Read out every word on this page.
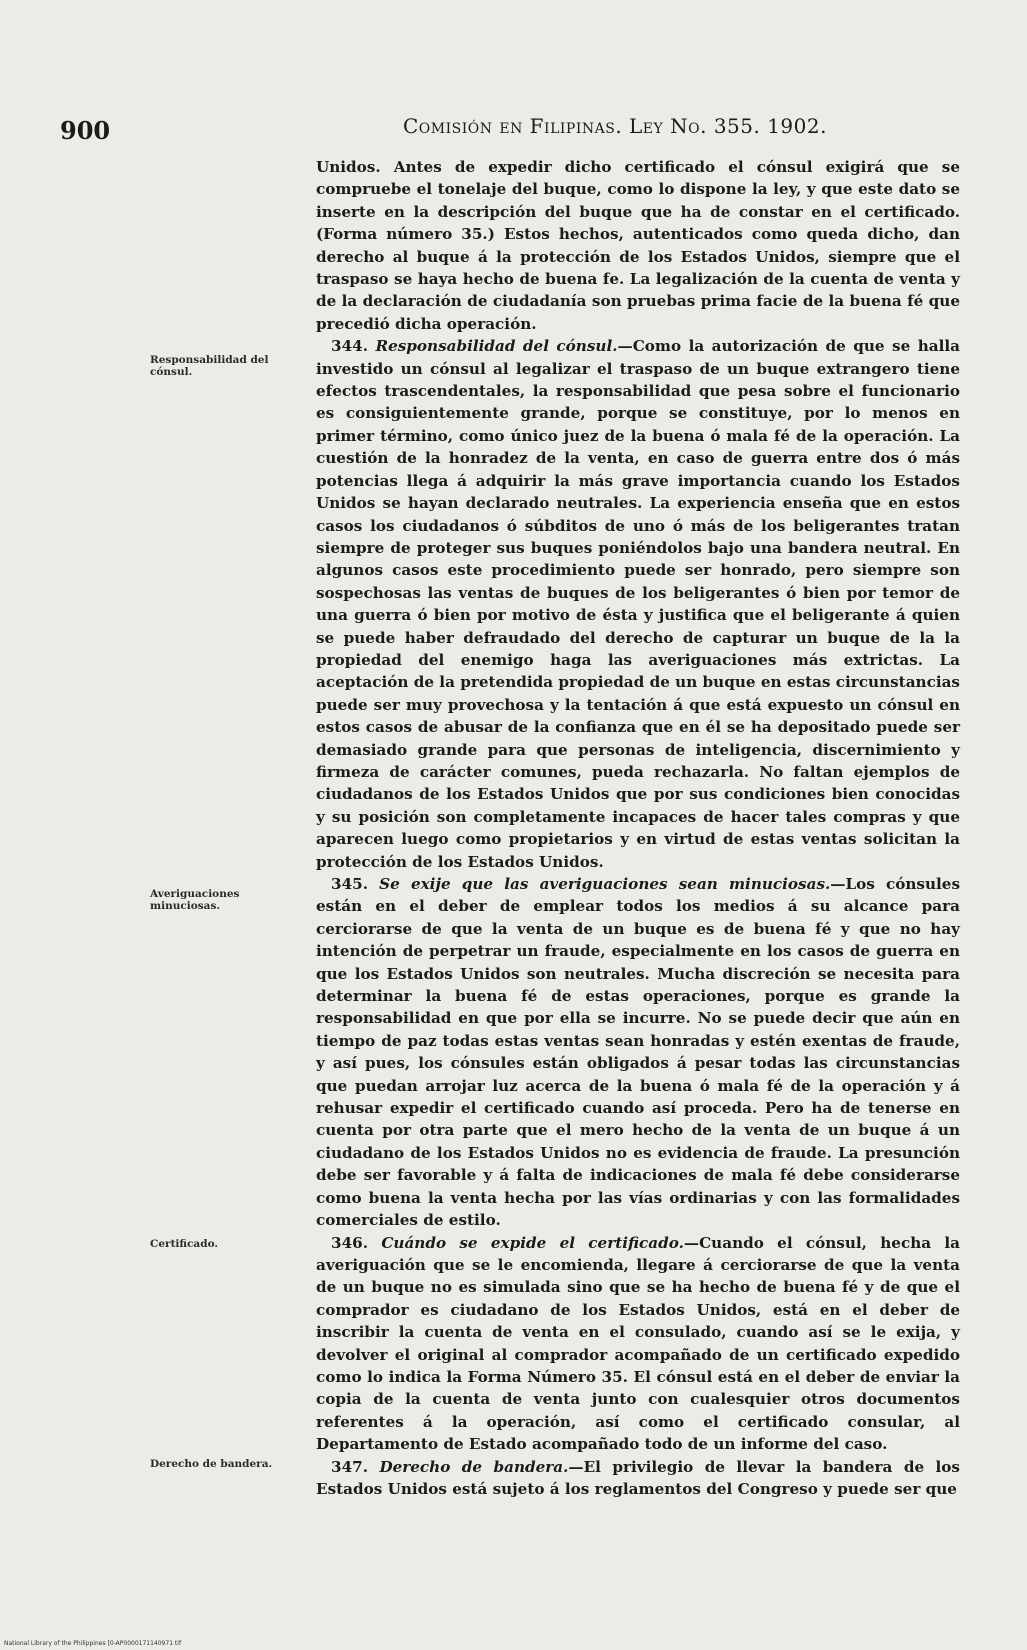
900	Comisión en Filipinas. Ley No. 355. 1902.

Unidos. Antes de expedir dicho certificado el cónsul exigirá que se compruebe el tonelaje del buque, como lo dispone la ley, y que este dato se inserte en la descripción del buque que ha de constar en el certificado. (Forma número 35.) Estos hechos, autenticados como queda dicho, dan derecho al buque á la protección de los Estados Unidos, siempre que el traspaso se haya hecho de buena fe. La legalización de la cuenta de venta y de la declaración de ciudadanía son pruebas prima facie de la buena fé que precedió dicha operación.

344. Responsabilidad del cónsul.—Como la autorización de que se halla investido un cónsul al legalizar el traspaso de un buque extrangero tiene efectos trascendentales, la responsabilidad que pesa sobre el funcionario es consiguientemente grande, porque se constituye, por lo menos en primer término, como único juez de la buena ó mala fé de la operación. La cuestión de la honradez de la venta, en caso de guerra entre dos ó más potencias llega á adquirir la más grave importancia cuando los Estados Unidos se hayan declarado neutrales. La experiencia enseña que en estos casos los ciudadanos ó súbditos de uno ó más de los beligerantes tratan siempre de proteger sus buques poniéndolos bajo una bandera neutral. En algunos casos este procedimiento puede ser honrado, pero siempre son sospechosas las ventas de buques de los beligerantes ó bien por temor de una guerra ó bien por motivo de ésta y justifica que el beligerante á quien se puede haber defraudado del derecho de capturar un buque de la la propiedad del enemigo haga las averiguaciones más extrictas. La aceptación de la pretendida propiedad de un buque en estas circunstancias puede ser muy provechosa y la tentación á que está expuesto un cónsul en estos casos de abusar de la confianza que en él se ha depositado puede ser demasiado grande para que personas de inteligencia, discernimiento y firmeza de carácter comunes, pueda rechazarla. No faltan ejemplos de ciudadanos de los Estados Unidos que por sus condiciones bien conocidas y su posición son completamente incapaces de hacer tales compras y que aparecen luego como propietarios y en virtud de estas ventas solicitan la protección de los Estados Unidos.

345. Se exije que las averiguaciones sean minuciosas.—Los cónsules están en el deber de emplear todos los medios á su alcance para cerciorarse de que la venta de un buque es de buena fé y que no hay intención de perpetrar un fraude, especialmente en los casos de guerra en que los Estados Unidos son neutrales. Mucha discreción se necesita para determinar la buena fé de estas operaciones, porque es grande la responsabilidad en que por ella se incurre. No se puede decir que aún en tiempo de paz todas estas ventas sean honradas y estén exentas de fraude, y así pues, los cónsules están obligados á pesar todas las circunstancias que puedan arrojar luz acerca de la buena ó mala fé de la operación y á rehusar expedir el certificado cuando así proceda. Pero ha de tenerse en cuenta por otra parte que el mero hecho de la venta de un buque á un ciudadano de los Estados Unidos no es evidencia de fraude. La presunción debe ser favorable y á falta de indicaciones de mala fé debe considerarse como buena la venta hecha por las vías ordinarias y con las formalidades comerciales de estilo.

346. Cuándo se expide el certificado.—Cuando el cónsul, hecha la averiguación que se le encomienda, llegare á cerciorarse de que la venta de un buque no es simulada sino que se ha hecho de buena fé y de que el comprador es ciudadano de los Estados Unidos, está en el deber de inscribir la cuenta de venta en el consulado, cuando así se le exija, y devolver el original al comprador acompañado de un certificado expedido como lo indica la Forma Número 35. El cónsul está en el deber de enviar la copia de la cuenta de venta junto con cualesquier otros documentos referentes á la operación, así como el certificado consular, al Departamento de Estado acompañado todo de un informe del caso.

347. Derecho de bandera.—El privilegio de llevar la bandera de los Estados Unidos está sujeto á los reglamentos del Congreso y puede ser que

Responsabilidad del cónsul.
Averiguaciones minuciosas.
Certificado.
Derecho de bandera.
National Library of the Philippines [0-AP0000171140971 tif
